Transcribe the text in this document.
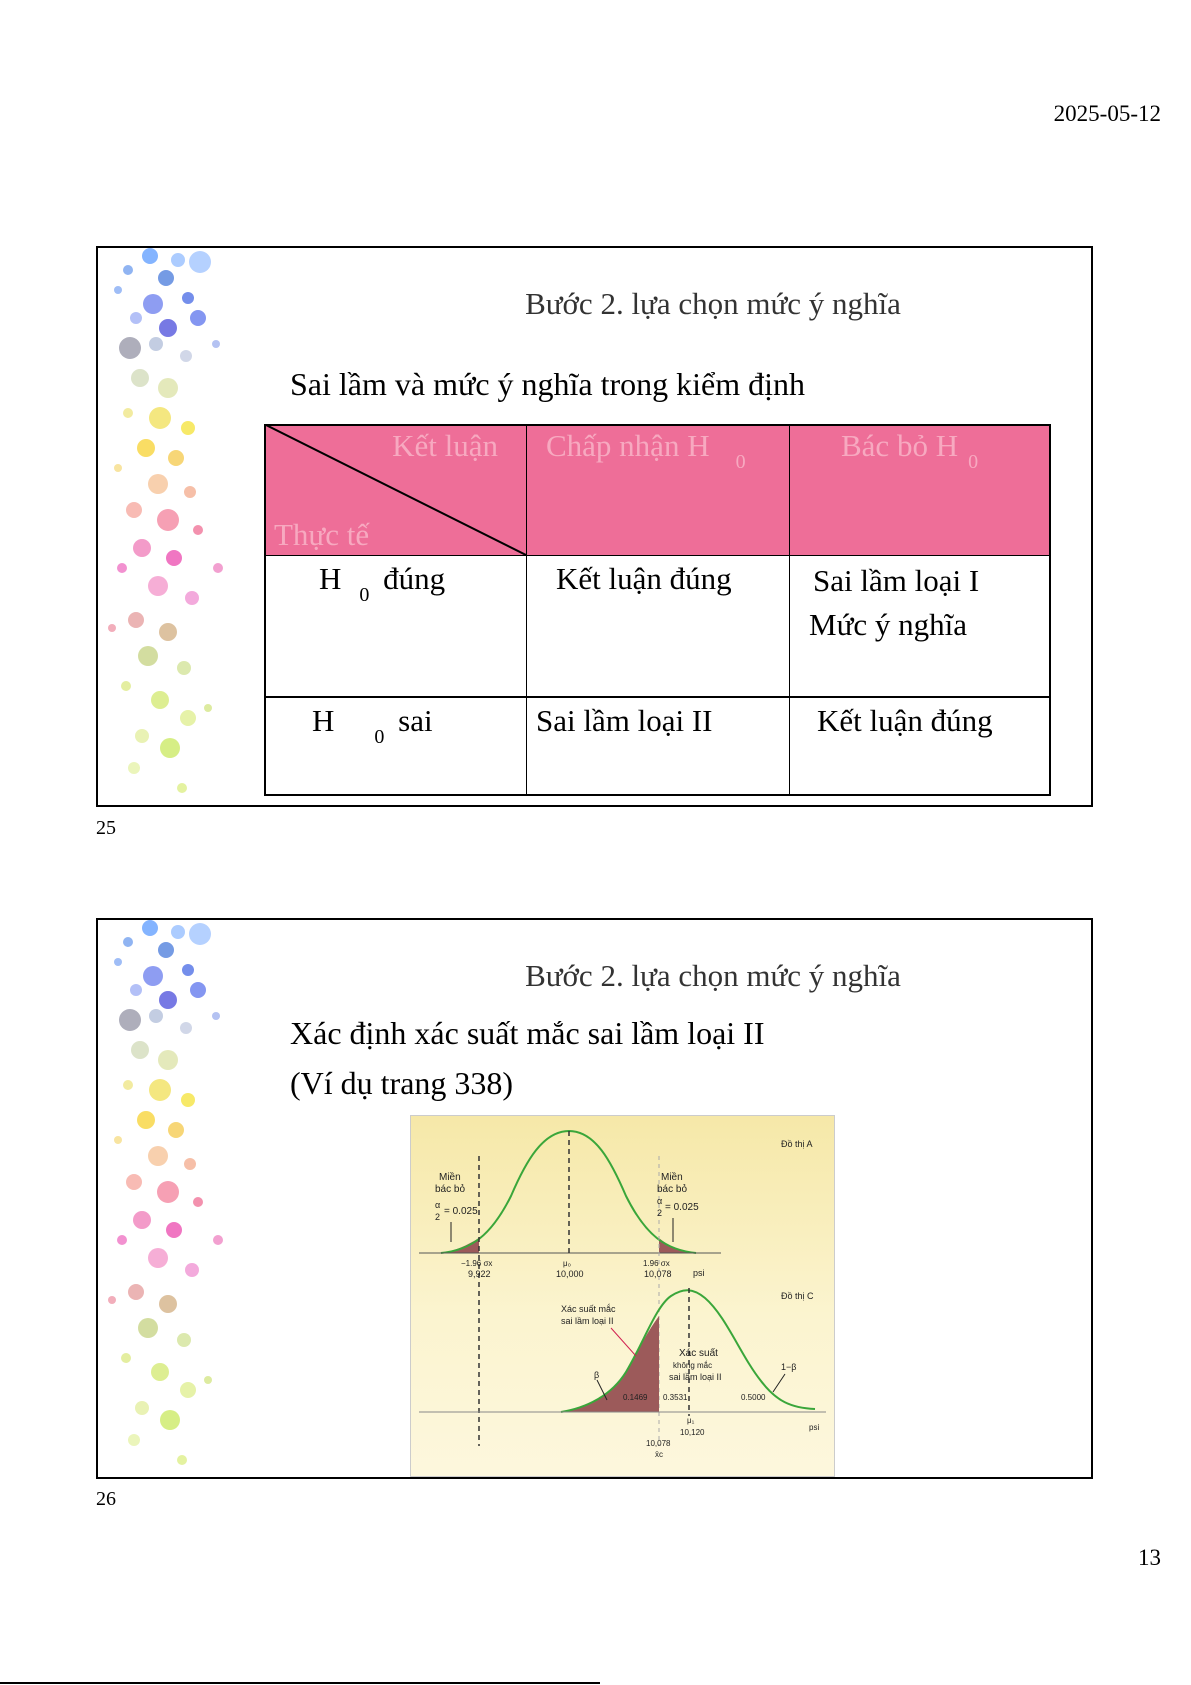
2025-05-12
Bước 2. lựa chọn mức ý nghĩa
Sai lầm và mức ý nghĩa trong kiểm định
Kết luận
Thực tế
Chấp nhận H $_0$	Bác bỏ H $_0$
H $_0$ đúng	Kết luận đúng	Sai lầm loại I
Mức ý nghĩa
H $_0$ sai	Sai lầm loại II	Kết luận đúng
25
Bước 2. lựa chọn mức ý nghĩa
Xác định xác suất mắc sai lầm loại II
(Ví dụ trang 338)
Đồ thị A
Miền
bác bỏ
α
2 = 0.025
Miền
bác bỏ
α
2 = 0.025
−1.96 σx
9,922
μ₀
10,000
1.96 σx
10,078 psi
Đồ thị C
Xác suất mắc
sai lầm loại II
β
Xác suất
không mắc
sai lầm loại II
1−β
0.1469 0.3531	0.5000
μ₁
10,120
10,078
x̄c
psi
26
13
